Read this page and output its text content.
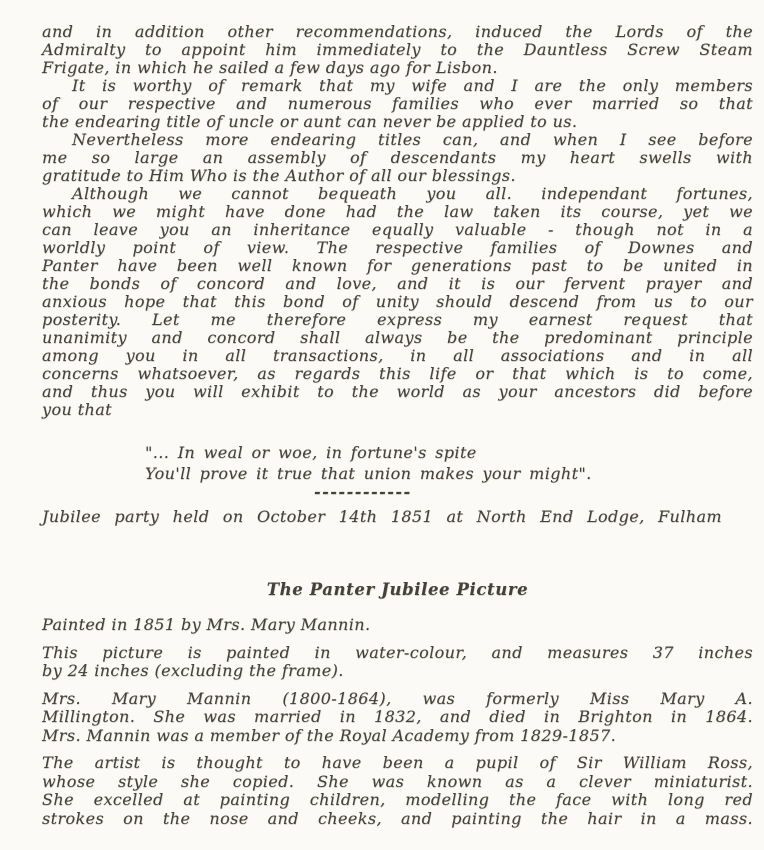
and in addition other recommendations, induced the Lords of the
Admiralty to appoint him immediately to the Dauntless Screw Steam
Frigate, in which he sailed a few days ago for Lisbon.
It is worthy of remark that my wife and I are the only members
of our respective and numerous families who ever married so that
the endearing title of uncle or aunt can never be applied to us.
Nevertheless more endearing titles can, and when I see before
me so large an assembly of descendants my heart swells with
gratitude to Him Who is the Author of all our blessings.
Although we cannot bequeath you all. independant fortunes,
which we might have done had the law taken its course, yet we
can leave you an inheritance equally valuable - though not in a
worldly point of view. The respective families of Downes and
Panter have been well known for generations past to be united in
the bonds of concord and love, and it is our fervent prayer and
anxious hope that this bond of unity should descend from us to our
posterity. Let me therefore express my earnest request that
unanimity and concord shall always be the predominant principle
among you in all transactions, in all associations and in all
concerns whatsoever, as regards this life or that which is to come,
and thus you will exhibit to the world as your ancestors did before
you that
"... In weal or woe, in fortune's spite
You'll prove it true that union makes your might".
------------
Jubilee party held on October 14th 1851 at North End Lodge, Fulham
The Panter Jubilee Picture
Painted in 1851 by Mrs. Mary Mannin.
This picture is painted in water-colour, and measures 37 inches
by 24 inches (excluding the frame).
Mrs. Mary Mannin (1800-1864), was formerly Miss Mary A.
Millington. She was married in 1832, and died in Brighton in 1864.
Mrs. Mannin was a member of the Royal Academy from 1829-1857.
The artist is thought to have been a pupil of Sir William Ross,
whose style she copied. She was known as a clever miniaturist.
She excelled at painting children, modelling the face with long red
strokes on the nose and cheeks, and painting the hair in a mass.
